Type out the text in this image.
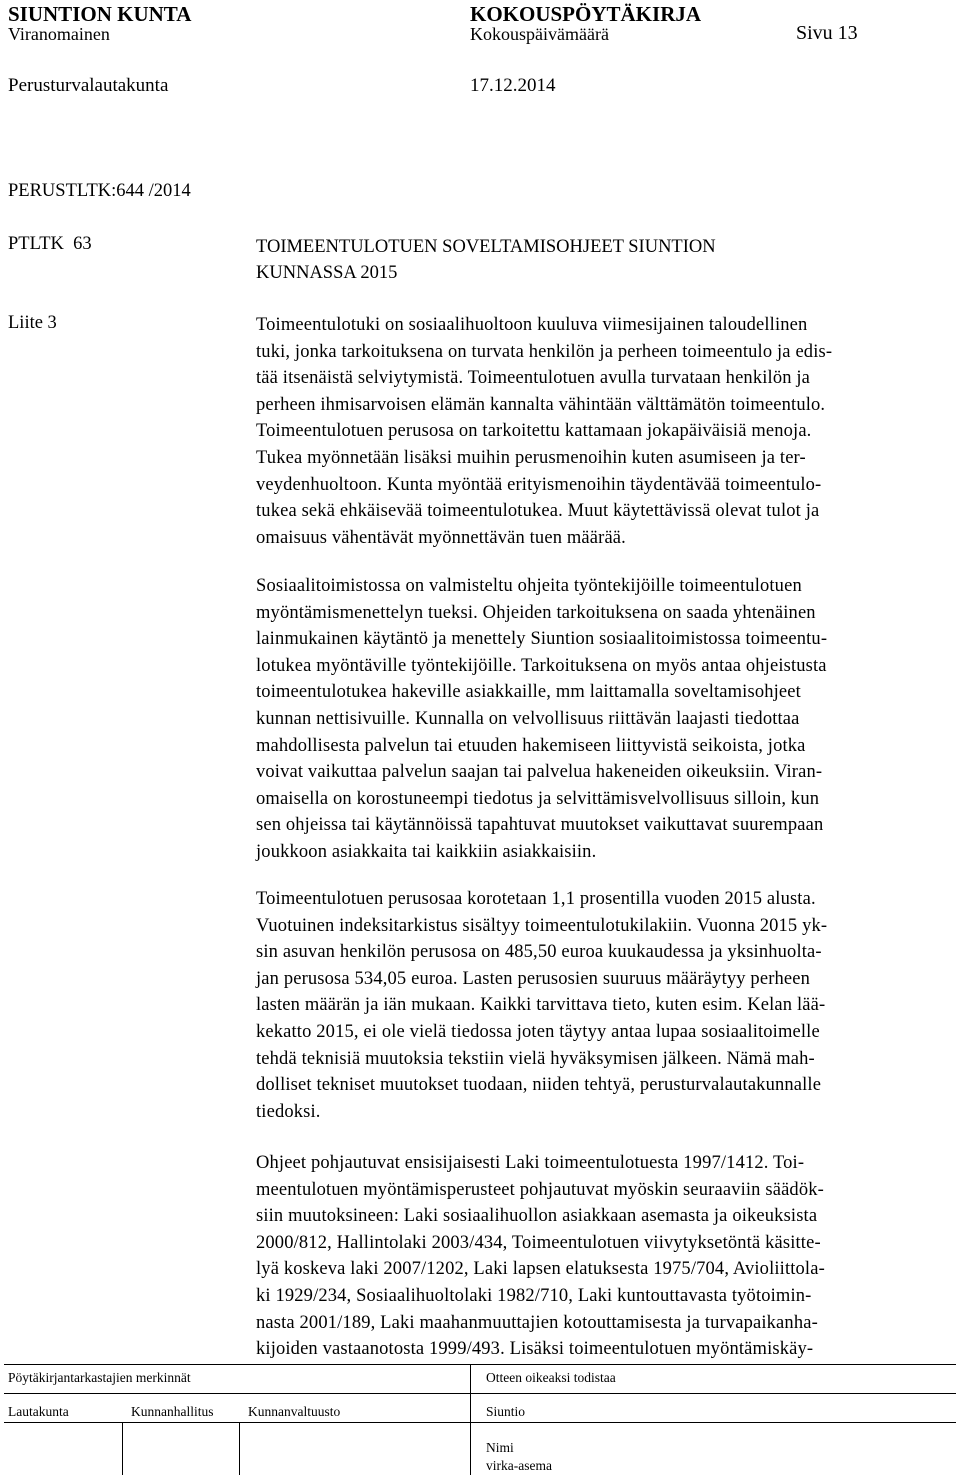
SIUNTION KUNTA	KOKOUSPÖYTÄKIRJA
Viranomainen	Kokouspäivämäärä	Sivu 13
Perusturvalautakunta	17.12.2014
PERUSTLTK:644 /2014
PTLTK  63	TOIMEENTULOTUEN SOVELTAMISOHJEET SIUNTION
KUNNASSA 2015
Liite 3	Toimeentulotuki on sosiaalihuoltoon kuuluva viimesijainen taloudellinen
tuki, jonka tarkoituksena on turvata henkilön ja perheen toimeentulo ja edis-
tää itsenäistä selviytymistä. Toimeentulotuen avulla turvataan henkilön ja
perheen ihmisarvoisen elämän kannalta vähintään välttämätön toimeentulo.
Toimeentulotuen perusosa on tarkoitettu kattamaan jokapäiväisiä menoja.
Tukea myönnetään lisäksi muihin perusmenoihin kuten asumiseen ja ter-
veydenhuoltoon. Kunta myöntää erityismenoihin täydentävää toimeentulo-
tukea sekä ehkäisevää toimeentulotukea. Muut käytettävissä olevat tulot ja
omaisuus vähentävät myönnettävän tuen määrää.
Sosiaalitoimistossa on valmisteltu ohjeita työntekijöille toimeentulotuen
myöntämismenettelyn tueksi. Ohjeiden tarkoituksena on saada yhtenäinen
lainmukainen käytäntö ja menettely Siuntion sosiaalitoimistossa toimeentu-
lotukea myöntäville työntekijöille. Tarkoituksena on myös antaa ohjeistusta
toimeentulotukea hakeville asiakkaille, mm laittamalla soveltamisohjeet
kunnan nettisivuille. Kunnalla on velvollisuus riittävän laajasti tiedottaa
mahdollisesta palvelun tai etuuden hakemiseen liittyvistä seikoista, jotka
voivat vaikuttaa palvelun saajan tai palvelua hakeneiden oikeuksiin. Viran-
omaisella on korostuneempi tiedotus ja selvittämisvelvollisuus silloin, kun
sen ohjeissa tai käytännöissä tapahtuvat muutokset vaikuttavat suurempaan
joukkoon asiakkaita tai kaikkiin asiakkaisiin.
Toimeentulotuen perusosaa korotetaan 1,1 prosentilla vuoden 2015 alusta.
Vuotuinen indeksitarkistus sisältyy toimeentulotukilakiin. Vuonna 2015 yk-
sin asuvan henkilön perusosa on 485,50 euroa kuukaudessa ja yksinhuolta-
jan perusosa 534,05 euroa. Lasten perusosien suuruus määräytyy perheen
lasten määrän ja iän mukaan. Kaikki tarvittava tieto, kuten esim. Kelan lää-
kekatto 2015, ei ole vielä tiedossa joten täytyy antaa lupaa sosiaalitoimelle
tehdä teknisiä muutoksia tekstiin vielä hyväksymisen jälkeen. Nämä mah-
dolliset tekniset muutokset tuodaan, niiden tehtyä, perusturvalautakunnalle
tiedoksi.
Ohjeet pohjautuvat ensisijaisesti Laki toimeentulotuesta 1997/1412. Toi-
meentulotuen myöntämisperusteet pohjautuvat myöskin seuraaviin säädök-
siin muutoksineen: Laki sosiaalihuollon asiakkaan asemasta ja oikeuksista
2000/812, Hallintolaki 2003/434, Toimeentulotuen viivytyksetöntä käsitte-
lyä koskeva laki 2007/1202, Laki lapsen elatuksesta 1975/704, Avioliittola-
ki 1929/234, Sosiaalihuoltolaki 1982/710, Laki kuntouttavasta työtoimin-
nasta 2001/189, Laki maahanmuuttajien kotouttamisesta ja turvapaikanha-
kijoiden vastaanotosta 1999/493. Lisäksi toimeentulotuen myöntämiskäy-
Pöytäkirjantarkastajien merkinnät	Otteen oikeaksi todistaa
Lautakunta	Kunnanhallitus	Kunnanvaltuusto	Siuntio
Nimi
virka-asema
